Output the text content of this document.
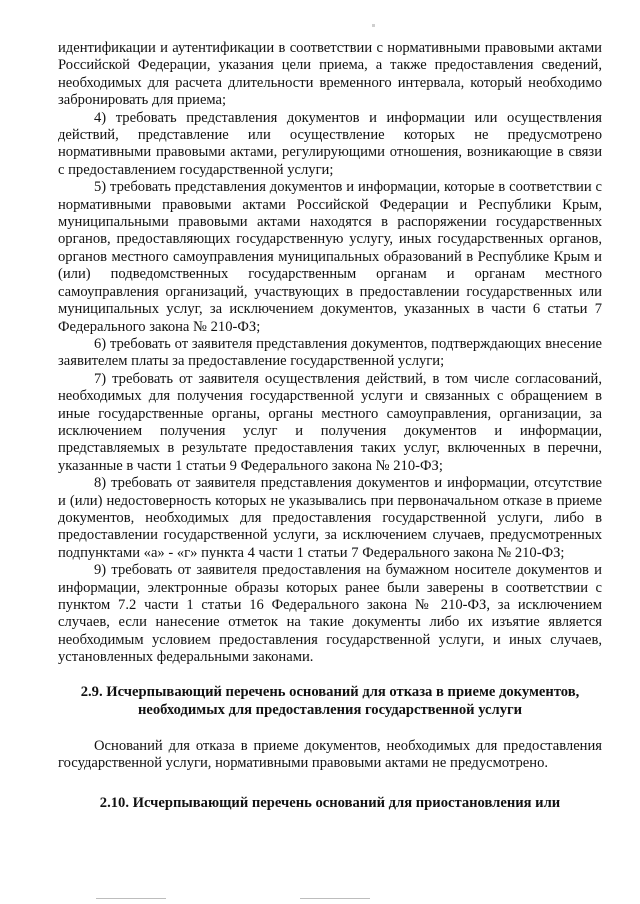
идентификации и аутентификации в соответствии с нормативными правовыми актами Российской Федерации, указания цели приема, а также предоставления сведений, необходимых для расчета длительности временного интервала, который необходимо забронировать для приема;

4) требовать представления документов и информации или осуществления действий, представление или осуществление которых не предусмотрено нормативными правовыми актами, регулирующими отношения, возникающие в связи с предоставлением государственной услуги;

5) требовать представления документов и информации, которые в соответствии с нормативными правовыми актами Российской Федерации и Республики Крым, муниципальными правовыми актами находятся в распоряжении государственных органов, предоставляющих государственную услугу, иных государственных органов, органов местного самоуправления муниципальных образований в Республике Крым и (или) подведомственных государственным органам и органам местного самоуправления организаций, участвующих в предоставлении государственных или муниципальных услуг, за исключением документов, указанных в части 6 статьи 7 Федерального закона № 210-ФЗ;

6) требовать от заявителя представления документов, подтверждающих внесение заявителем платы за предоставление государственной услуги;

7) требовать от заявителя осуществления действий, в том числе согласований, необходимых для получения государственной услуги и связанных с обращением в иные государственные органы, органы местного самоуправления, организации, за исключением получения услуг и получения документов и информации, представляемых в результате предоставления таких услуг, включенных в перечни, указанные в части 1 статьи 9 Федерального закона № 210-ФЗ;

8) требовать от заявителя представления документов и информации, отсутствие и (или) недостоверность которых не указывались при первоначальном отказе в приеме документов, необходимых для предоставления государственной услуги, либо в предоставлении государственной услуги, за исключением случаев, предусмотренных подпунктами «а» - «г» пункта 4 части 1 статьи 7 Федерального закона № 210-ФЗ;

9) требовать от заявителя предоставления на бумажном носителе документов и информации, электронные образы которых ранее были заверены в соответствии с пунктом 7.2 части 1 статьи 16 Федерального закона № 210-ФЗ, за исключением случаев, если нанесение отметок на такие документы либо их изъятие является необходимым условием предоставления государственной услуги, и иных случаев, установленных федеральными законами.

2.9. Исчерпывающий перечень оснований для отказа в приеме документов, необходимых для предоставления государственной услуги

Оснований для отказа в приеме документов, необходимых для предоставления государственной услуги, нормативными правовыми актами не предусмотрено.

2.10. Исчерпывающий перечень оснований для приостановления или
